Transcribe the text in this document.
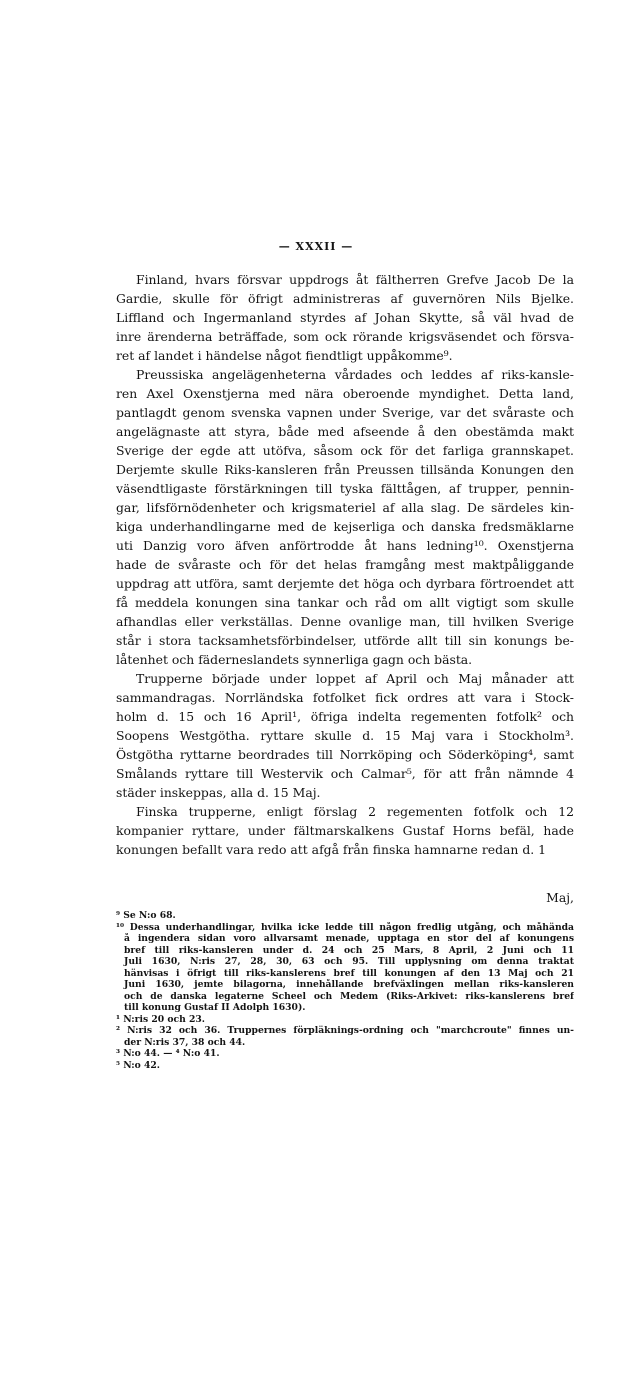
— XXXII —
Finland, hvars försvar uppdrogs åt fältherren Grefve Jacob De la
Gardie, skulle för öfrigt administreras af guvernören Nils Bjelke.
Liffland och Ingermanland styrdes af Johan Skytte, så väl hvad de
inre ärenderna beträffade, som ock rörande krigsväsendet och försva-
ret af landet i händelse något fiendtligt uppåkomme⁹.
Preussiska angelägenheterna vårdades och leddes af riks-kansle-
ren Axel Oxenstjerna med nära oberoende myndighet. Detta land,
pantlagdt genom svenska vapnen under Sverige, var det svåraste och
angelägnaste att styra, både med afseende å den obestämda makt
Sverige der egde att utöfva, såsom ock för det farliga grannskapet.
Derjemte skulle Riks-kansleren från Preussen tillsända Konungen den
väsendtligaste förstärkningen till tyska fälttågen, af trupper, pennin-
gar, lifsförnödenheter och krigsmateriel af alla slag. De särdeles kin-
kiga underhandlingarne med de kejserliga och danska fredsmäklarne
uti Danzig voro äfven anförtrodde åt hans ledning¹⁰. Oxenstjerna
hade de svåraste och för det helas framgång mest maktpåliggande
uppdrag att utföra, samt derjemte det höga och dyrbara förtroendet att
få meddela konungen sina tankar och råd om allt vigtigt som skulle
afhandlas eller verkställas. Denne ovanlige man, till hvilken Sverige
står i stora tacksamhetsförbindelser, utförde allt till sin konungs be-
låtenhet och fäderneslandets synnerliga gagn och bästa.
Trupperne började under loppet af April och Maj månader att
sammandragas. Norrländska fotfolket fick ordres att vara i Stock-
holm d. 15 och 16 April¹, öfriga indelta regementen fotfolk² och
Soopens Westgötha. ryttare skulle d. 15 Maj vara i Stockholm³.
Östgötha ryttarne beordrades till Norrköping och Söderköping⁴, samt
Smålands ryttare till Westervik och Calmar⁵, för att från nämnde 4
städer inskeppas, alla d. 15 Maj.
Finska trupperne, enligt förslag 2 regementen fotfolk och 12
kompanier ryttare, under fältmarskalkens Gustaf Horns befäl, hade
konungen befallt vara redo att afgå från finska hamnarne redan d. 1
Maj,
⁹ Se N:o 68.
¹⁰ Dessa underhandlingar, hvilka icke ledde till någon fredlig utgång, och måhända
å ingendera sidan voro allvarsamt menade, upptaga en stor del af konungens
bref till riks-kansleren under d. 24 och 25 Mars, 8 April, 2 Juni och 11
Juli 1630, N:ris 27, 28, 30, 63 och 95. Till upplysning om denna traktat
hänvisas i öfrigt till riks-kanslerens bref till konungen af den 13 Maj och 21
Juni 1630, jemte bilagorna, innehållande brefväxlingen mellan riks-kansleren
och de danska legaterne Scheel och Medem (Riks-Arkivet: riks-kanslerens bref
till konung Gustaf II Adolph 1630).
¹ N:ris 20 och 23.
² N:ris 32 och 36. Truppernes förpläknings-ordning och "marchcroute" finnes un-
der N:ris 37, 38 och 44.
³ N:o 44. — ⁴ N:o 41.
⁵ N:o 42.
